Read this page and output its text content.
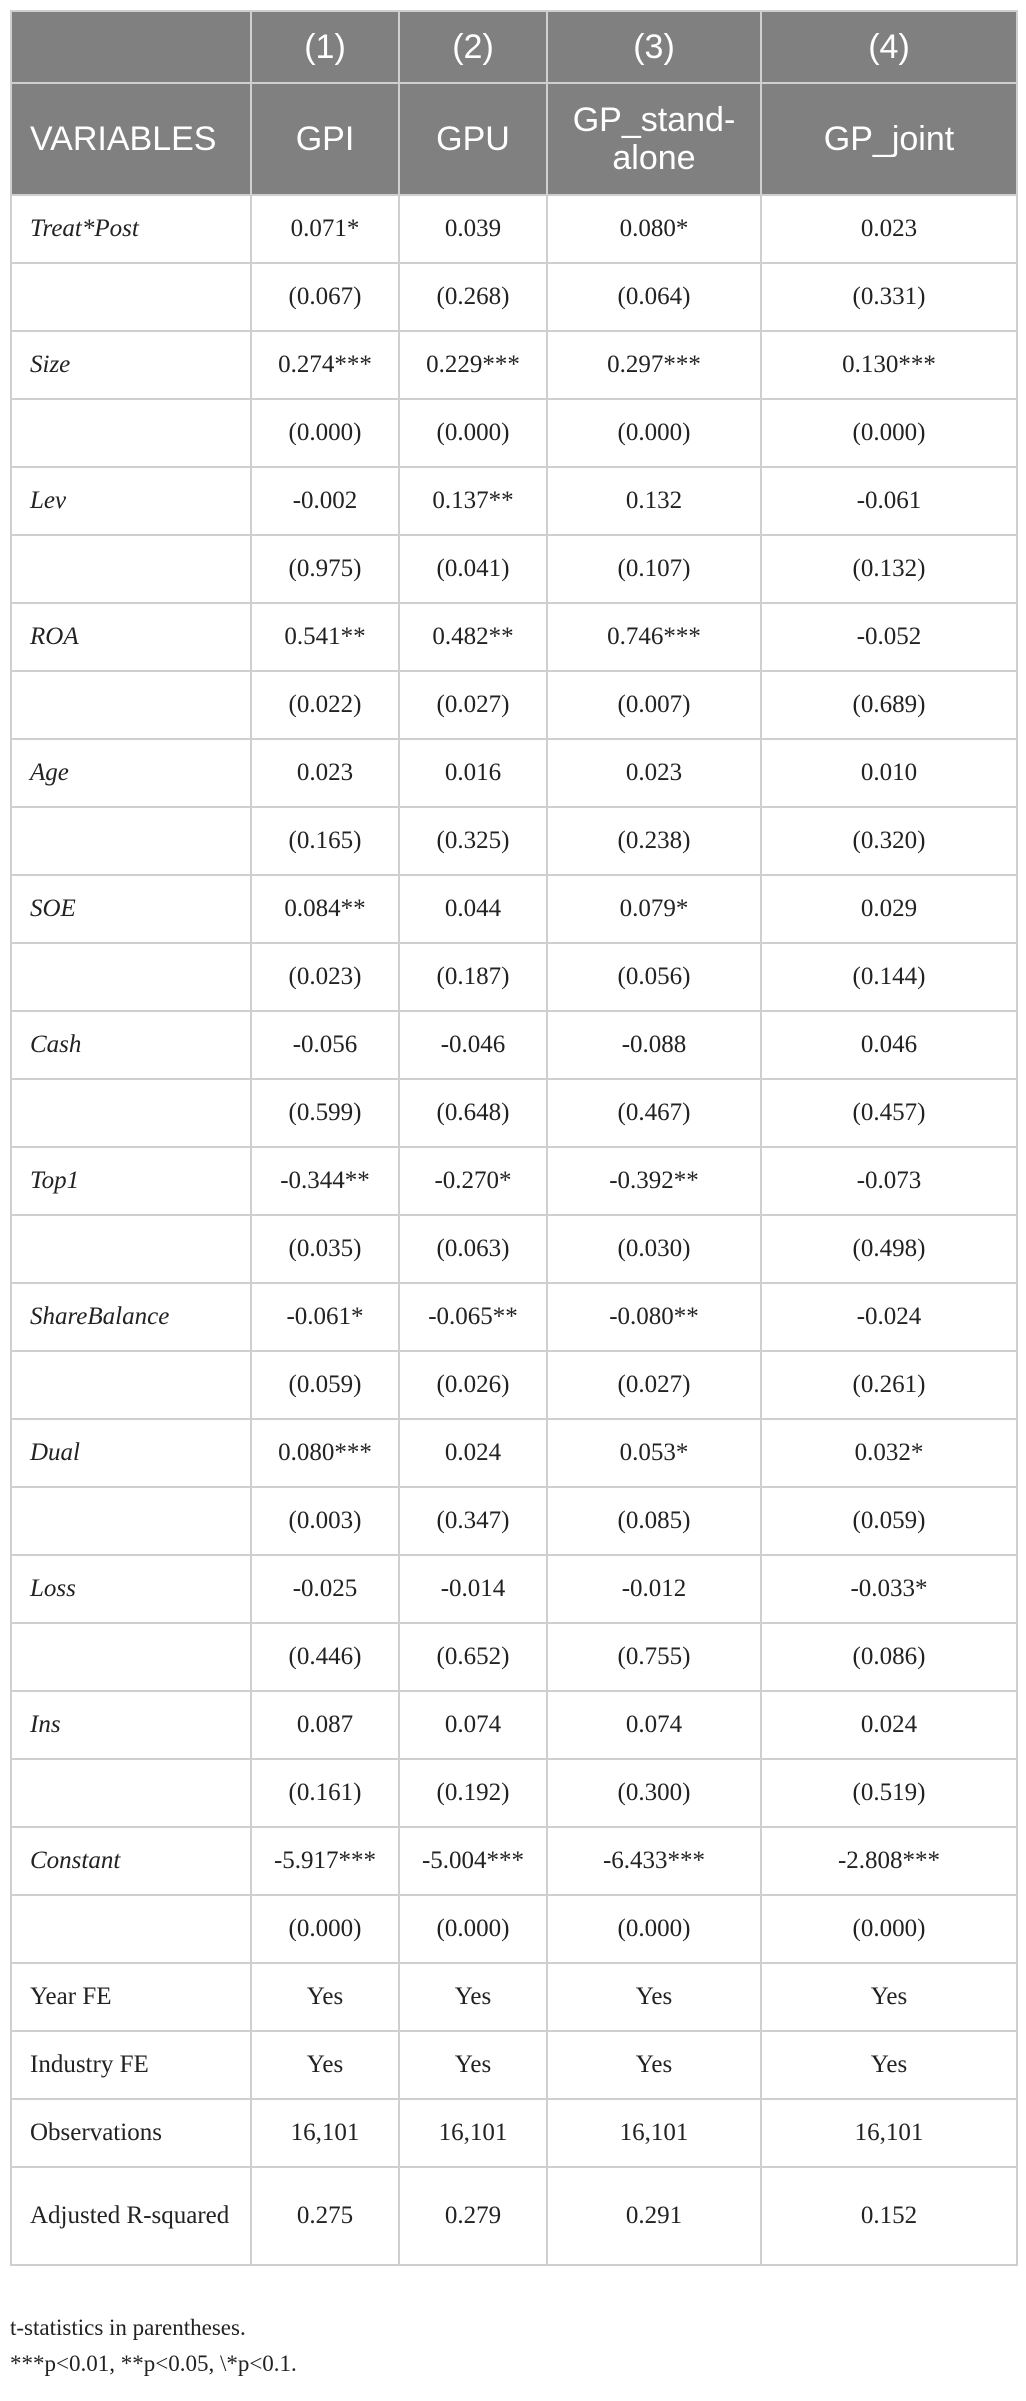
	(1)	(2)	(3)	(4)
VARIABLES	GPI	GPU	GP_stand-alone	GP_joint
Treat*Post	0.071*	0.039	0.080*	0.023
	(0.067)	(0.268)	(0.064)	(0.331)
Size	0.274***	0.229***	0.297***	0.130***
	(0.000)	(0.000)	(0.000)	(0.000)
Lev	-0.002	0.137**	0.132	-0.061
	(0.975)	(0.041)	(0.107)	(0.132)
ROA	0.541**	0.482**	0.746***	-0.052
	(0.022)	(0.027)	(0.007)	(0.689)
Age	0.023	0.016	0.023	0.010
	(0.165)	(0.325)	(0.238)	(0.320)
SOE	0.084**	0.044	0.079*	0.029
	(0.023)	(0.187)	(0.056)	(0.144)
Cash	-0.056	-0.046	-0.088	0.046
	(0.599)	(0.648)	(0.467)	(0.457)
Top1	-0.344**	-0.270*	-0.392**	-0.073
	(0.035)	(0.063)	(0.030)	(0.498)
ShareBalance	-0.061*	-0.065**	-0.080**	-0.024
	(0.059)	(0.026)	(0.027)	(0.261)
Dual	0.080***	0.024	0.053*	0.032*
	(0.003)	(0.347)	(0.085)	(0.059)
Loss	-0.025	-0.014	-0.012	-0.033*
	(0.446)	(0.652)	(0.755)	(0.086)
Ins	0.087	0.074	0.074	0.024
	(0.161)	(0.192)	(0.300)	(0.519)
Constant	-5.917***	-5.004***	-6.433***	-2.808***
	(0.000)	(0.000)	(0.000)	(0.000)
Year FE	Yes	Yes	Yes	Yes
Industry FE	Yes	Yes	Yes	Yes
Observations	16,101	16,101	16,101	16,101
Adjusted R-squared	0.275	0.279	0.291	0.152
t-statistics in parentheses.
***p<0.01, **p<0.05, \*p<0.1.
